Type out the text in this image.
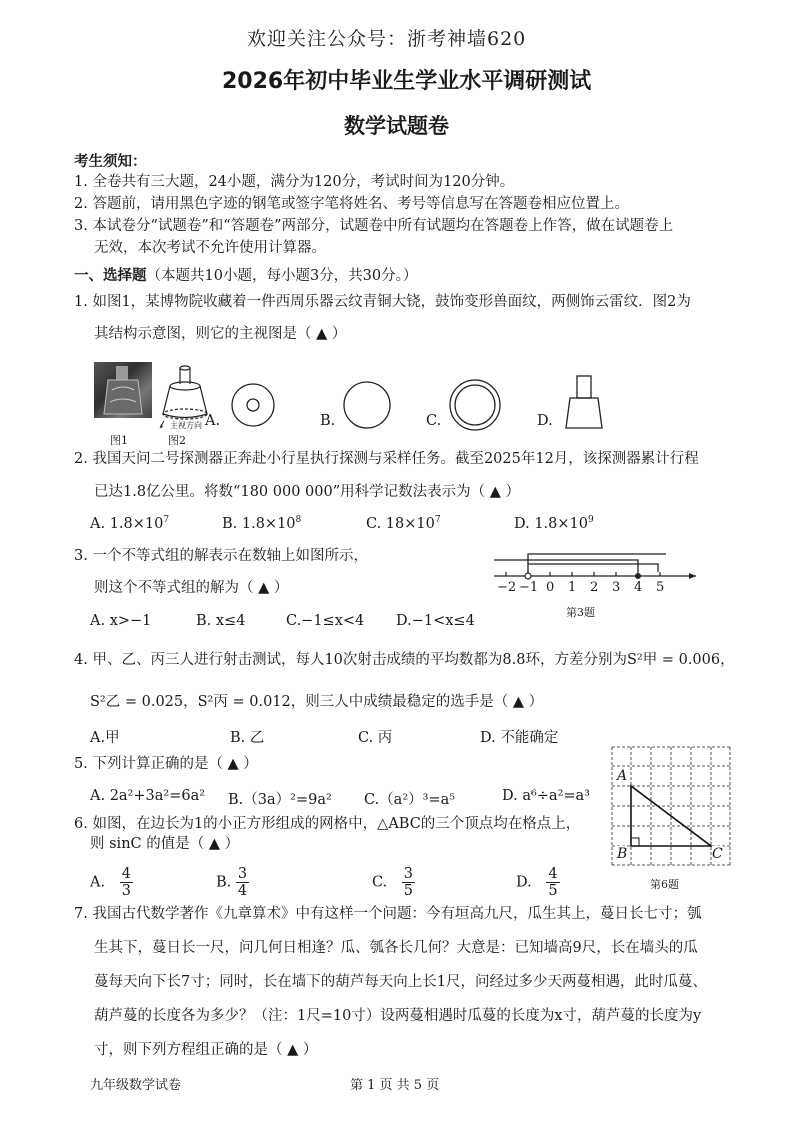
欢迎关注公众号：浙考神墙620
2026年初中毕业生学业水平调研测试
数学试题卷
考生须知：
1. 全卷共有三大题，24小题，满分为120分，考试时间为120分钟。
2. 答题前，请用黑色字迹的钢笔或签字笔将姓名、考号等信息写在答题卷相应位置上。
3. 本试卷分“试题卷”和“答题卷”两部分，试题卷中所有试题均在答题卷上作答，做在试题卷上
无效，本次考试不允许使用计算器。
一、选择题（本题共10小题，每小题3分，共30分。）
1. 如图1，某博物院收藏着一件西周乐器云纹青铜大铙，鼓饰变形兽面纹，两侧饰云雷纹．图2为
其结构示意图，则它的主视图是（ ▲ ）
图1
主视方向
图2
A.	B.	C.	D.
2. 我国天问二号探测器正奔赴小行星执行探测与采样任务。截至2025年12月，该探测器累计行程
已达1.8亿公里。将数“180 000 000”用科学记数法表示为（ ▲ ）
A. $1.8\times 10^7$	B. $1.8\times 10^8$	C. $18\times 10^7$	D. $1.8\times 10^9$
3. 一个不等式组的解表示在数轴上如图所示，
则这个不等式组的解为（ ▲ ）
A. x>−1	B. x≤4	C.−1≤x<4 D.−1<x≤4
−2 −1 0 1 2 3 4 5
第3题
4. 甲、乙、丙三人进行射击测试，每人10次射击成绩的平均数都为8.8环，方差分别为S²甲 = 0.006，
S²乙 = 0.025，S²丙 = 0.012，则三人中成绩最稳定的选手是（ ▲ ）
A.甲	B. 乙	C. 丙	D. 不能确定
5. 下列计算正确的是（ ▲ ）
A. 2a²+3a²=6a² B.（3a）²=9a² C.（a²）³=a⁵	D. a⁶÷a²=a³
6. 如图，在边长为1的小正方形组成的网格中，△ABC的三个顶点均在格点上，
则 sinC 的值是（ ▲ ）
A. $\frac{4}{3}$	B. $\frac{3}{4}$	C. $\frac{3}{5}$	D. $\frac{4}{5}$
A
B	C
第6题
7. 我国古代数学著作《九章算术》中有这样一个问题：今有垣高九尺，瓜生其上，蔓日长七寸；瓠
生其下，蔓日长一尺，问几何日相逢？瓜、瓠各长几何？大意是：已知墙高9尺，长在墙头的瓜
蔓每天向下长7寸；同时，长在墙下的葫芦每天向上长1尺，问经过多少天两蔓相遇，此时瓜蔓、
葫芦蔓的长度各为多少？（注：1尺=10寸）设两蔓相遇时瓜蔓的长度为x寸，葫芦蔓的长度为y
寸，则下列方程组正确的是（ ▲ ）
九年级数学试卷	第 1 页 共 5 页
